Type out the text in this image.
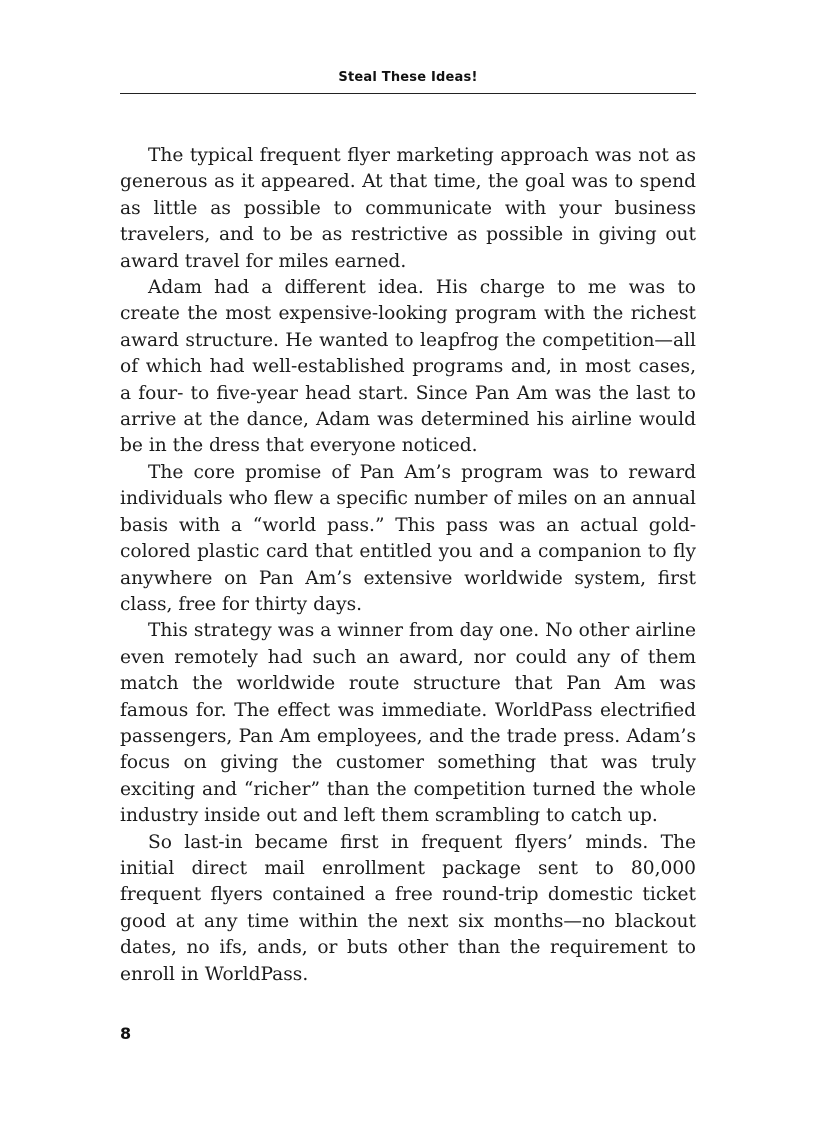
Steal These Ideas!

The typical frequent flyer marketing approach was not as generous as it appeared. At that time, the goal was to spend as little as possible to communicate with your business travelers, and to be as restrictive as possible in giving out award travel for miles earned.

Adam had a different idea. His charge to me was to create the most expensive-looking program with the richest award structure. He wanted to leapfrog the competition—all of which had well-established programs and, in most cases, a four- to five-year head start. Since Pan Am was the last to arrive at the dance, Adam was determined his airline would be in the dress that everyone noticed.

The core promise of Pan Am’s program was to reward individuals who flew a specific number of miles on an annual basis with a “world pass.” This pass was an actual gold-colored plastic card that entitled you and a companion to fly anywhere on Pan Am’s extensive worldwide system, first class, free for thirty days.

This strategy was a winner from day one. No other airline even remotely had such an award, nor could any of them match the worldwide route structure that Pan Am was famous for. The effect was immediate. WorldPass electrified passengers, Pan Am employees, and the trade press. Adam’s focus on giving the customer something that was truly exciting and “richer” than the competition turned the whole industry inside out and left them scrambling to catch up.

So last-in became first in frequent flyers’ minds. The initial direct mail enrollment package sent to 80,000 frequent flyers contained a free round-trip domestic ticket good at any time within the next six months—no blackout dates, no ifs, ands, or buts other than the requirement to enroll in WorldPass.

8
